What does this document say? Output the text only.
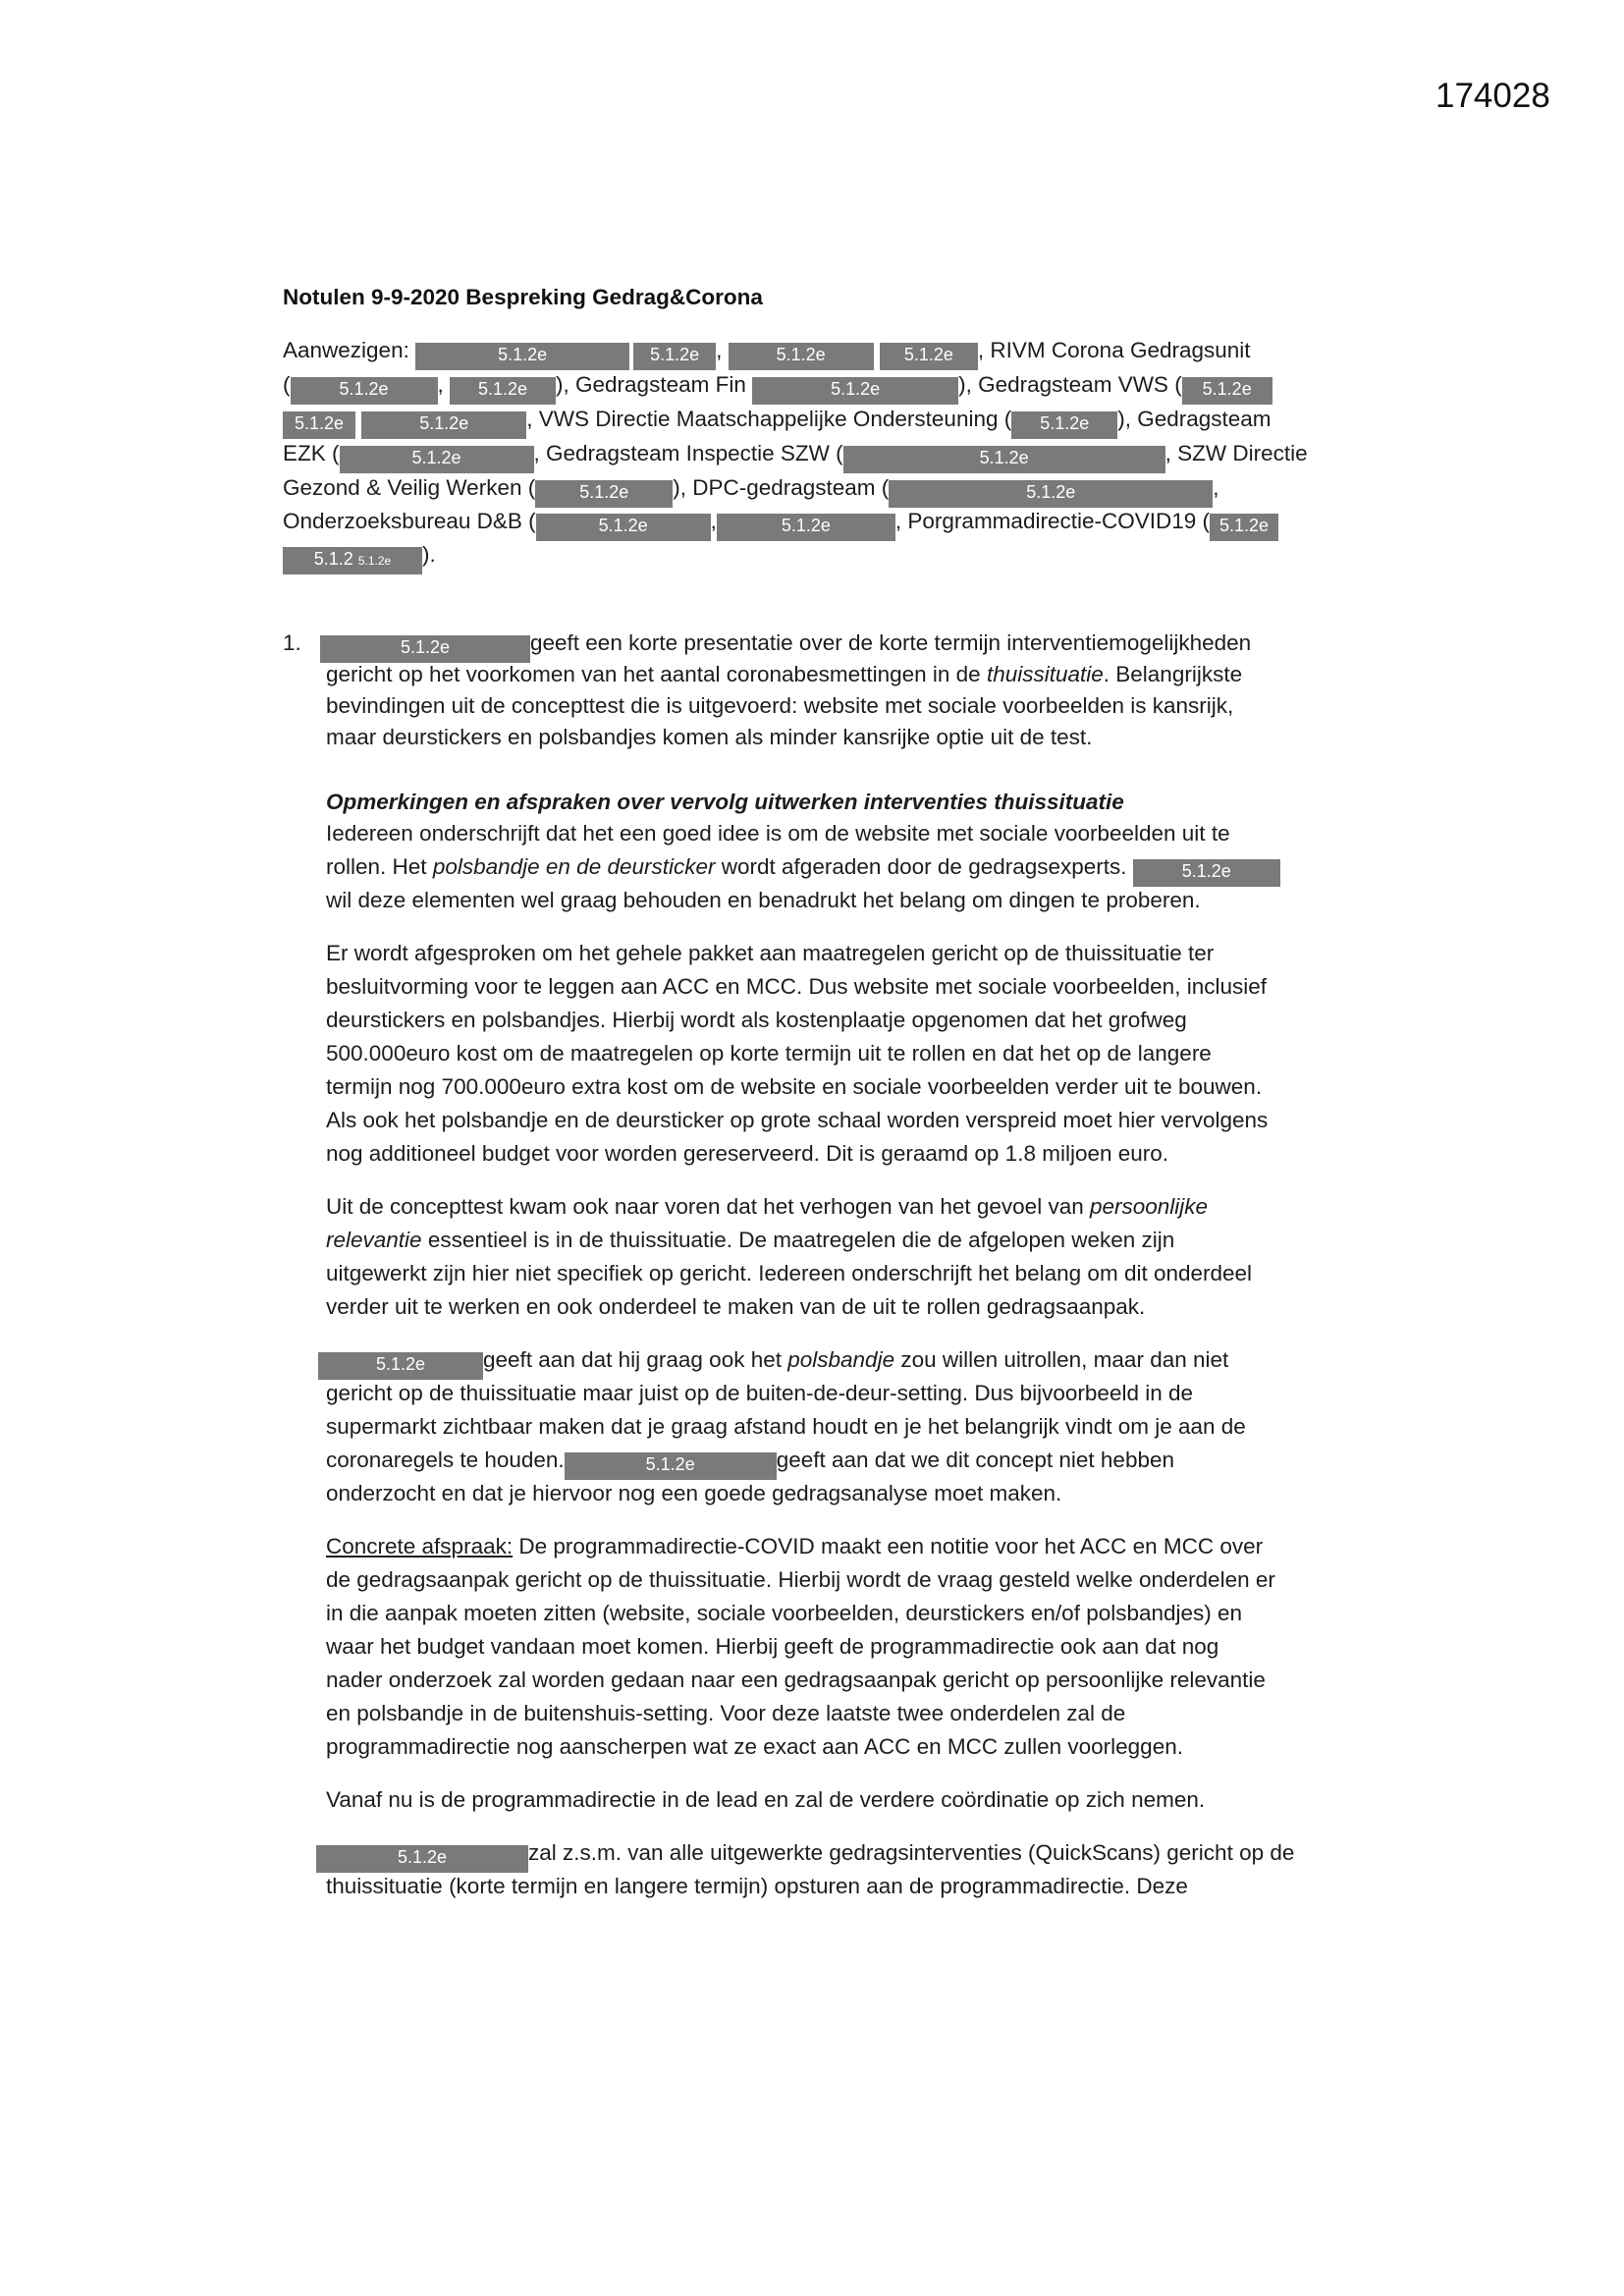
174028
Notulen 9-9-2020 Bespreking Gedrag&Corona
Aanwezigen:	5.1.2e	5.1.2e ,	5.1.2e	5.1.2e , RIVM Corona Gedragsunit
(	5.1.2e , 5.1.2e ), Gedragsteam Fin	5.1.2e	), Gedragsteam VWS ( 5.1.2e
5.1.2e	5.1.2e	, VWS Directie Maatschappelijke Ondersteuning ( 5.1.2e ), Gedragsteam
EZK (	5.1.2e	, Gedragsteam Inspectie SZW (	5.1.2e	, SZW Directie
Gezond & Veilig Werken ( 5.1.2e ), DPC-gedragsteam (	5.1.2e	,
Onderzoeksbureau D&B (	5.1.2e	,	5.1.2e	, Porgrammadirectie-COVID19 ( 5.1.2e
5.1.2 5.1.2e ).
1.	5.1.2e	geeft een korte presentatie over de korte termijn interventiemogelijkheden
gericht op het voorkomen van het aantal coronabesmettingen in de thuissituatie. Belangrijkste
bevindingen uit de concepttest die is uitgevoerd: website met sociale voorbeelden is kansrijk,
maar deurstickers en polsbandjes komen als minder kansrijke optie uit de test.
Opmerkingen en afspraken over vervolg uitwerken interventies thuissituatie
Iedereen onderschrijft dat het een goed idee is om de website met sociale voorbeelden uit te
rollen. Het polsbandje en de deursticker wordt afgeraden door de gedragsexperts.	5.1.2e
wil deze elementen wel graag behouden en benadrukt het belang om dingen te proberen.
Er wordt afgesproken om het gehele pakket aan maatregelen gericht op de thuissituatie ter
besluitvorming voor te leggen aan ACC en MCC. Dus website met sociale voorbeelden, inclusief
deurstickers en polsbandjes. Hierbij wordt als kostenplaatje opgenomen dat het grofweg
500.000euro kost om de maatregelen op korte termijn uit te rollen en dat het op de langere
termijn nog 700.000euro extra kost om de website en sociale voorbeelden verder uit te bouwen.
Als ook het polsbandje en de deursticker op grote schaal worden verspreid moet hier vervolgens
nog additioneel budget voor worden gereserveerd. Dit is geraamd op 1.8 miljoen euro.
Uit de concepttest kwam ook naar voren dat het verhogen van het gevoel van persoonlijke
relevantie essentieel is in de thuissituatie. De maatregelen die de afgelopen weken zijn
uitgewerkt zijn hier niet specifiek op gericht. Iedereen onderschrijft het belang om dit onderdeel
verder uit te werken en ook onderdeel te maken van de uit te rollen gedragsaanpak.
5.1.2e	geeft aan dat hij graag ook het polsbandje zou willen uitrollen, maar dan niet
gericht op de thuissituatie maar juist op de buiten-de-deur-setting. Dus bijvoorbeeld in de
supermarkt zichtbaar maken dat je graag afstand houdt en je het belangrijk vindt om je aan de
coronaregels te houden.	5.1.2e	geeft aan dat we dit concept niet hebben
onderzocht en dat je hiervoor nog een goede gedragsanalyse moet maken.
Concrete afspraak: De programmadirectie-COVID maakt een notitie voor het ACC en MCC over
de gedragsaanpak gericht op de thuissituatie. Hierbij wordt de vraag gesteld welke onderdelen er
in die aanpak moeten zitten (website, sociale voorbeelden, deurstickers en/of polsbandjes) en
waar het budget vandaan moet komen. Hierbij geeft de programmadirectie ook aan dat nog
nader onderzoek zal worden gedaan naar een gedragsaanpak gericht op persoonlijke relevantie
en polsbandje in de buitenshuis-setting. Voor deze laatste twee onderdelen zal de
programmadirectie nog aanscherpen wat ze exact aan ACC en MCC zullen voorleggen.
Vanaf nu is de programmadirectie in de lead en zal de verdere coördinatie op zich nemen.
5.1.2e	zal z.s.m. van alle uitgewerkte gedragsinterventies (QuickScans) gericht op de
thuissituatie (korte termijn en langere termijn) opsturen aan de programmadirectie. Deze
